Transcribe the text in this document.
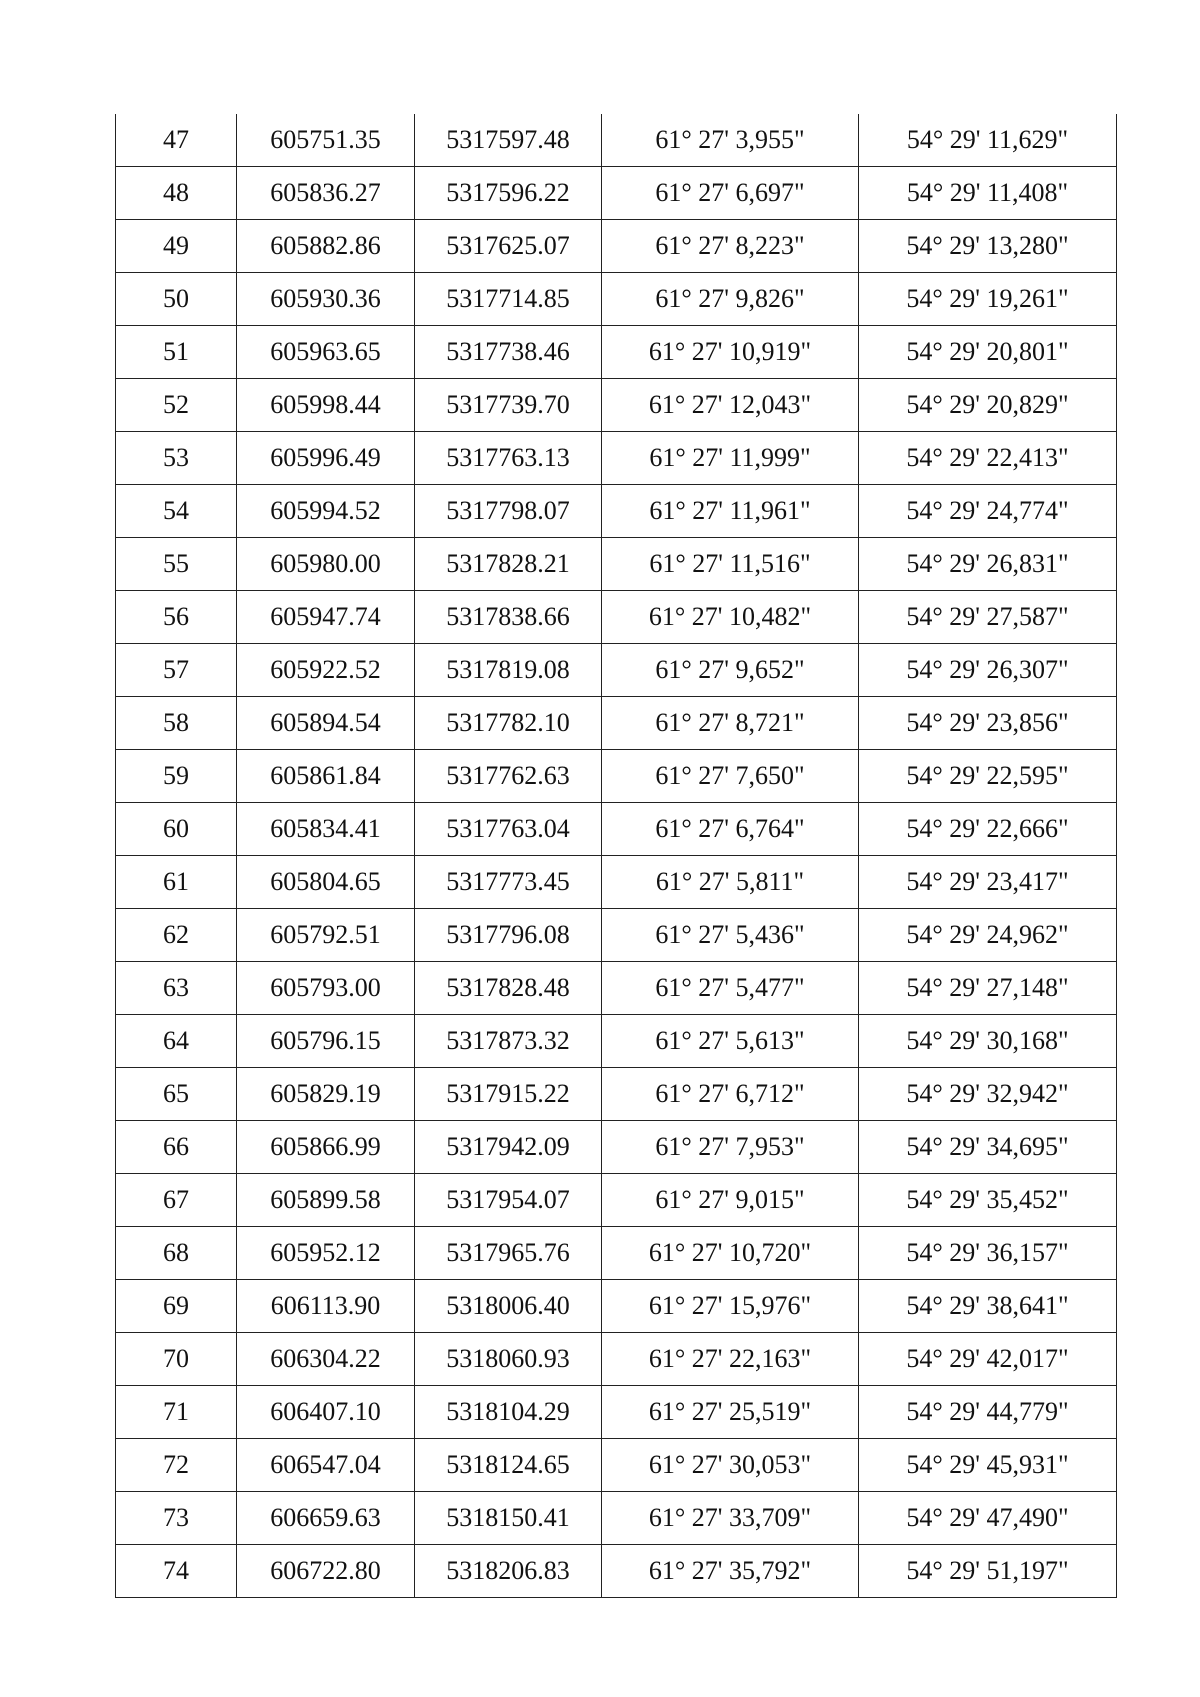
47	605751.35	5317597.48	61° 27' 3,955"	54° 29' 11,629"
48	605836.27	5317596.22	61° 27' 6,697"	54° 29' 11,408"
49	605882.86	5317625.07	61° 27' 8,223"	54° 29' 13,280"
50	605930.36	5317714.85	61° 27' 9,826"	54° 29' 19,261"
51	605963.65	5317738.46	61° 27' 10,919"	54° 29' 20,801"
52	605998.44	5317739.70	61° 27' 12,043"	54° 29' 20,829"
53	605996.49	5317763.13	61° 27' 11,999"	54° 29' 22,413"
54	605994.52	5317798.07	61° 27' 11,961"	54° 29' 24,774"
55	605980.00	5317828.21	61° 27' 11,516"	54° 29' 26,831"
56	605947.74	5317838.66	61° 27' 10,482"	54° 29' 27,587"
57	605922.52	5317819.08	61° 27' 9,652"	54° 29' 26,307"
58	605894.54	5317782.10	61° 27' 8,721"	54° 29' 23,856"
59	605861.84	5317762.63	61° 27' 7,650"	54° 29' 22,595"
60	605834.41	5317763.04	61° 27' 6,764"	54° 29' 22,666"
61	605804.65	5317773.45	61° 27' 5,811"	54° 29' 23,417"
62	605792.51	5317796.08	61° 27' 5,436"	54° 29' 24,962"
63	605793.00	5317828.48	61° 27' 5,477"	54° 29' 27,148"
64	605796.15	5317873.32	61° 27' 5,613"	54° 29' 30,168"
65	605829.19	5317915.22	61° 27' 6,712"	54° 29' 32,942"
66	605866.99	5317942.09	61° 27' 7,953"	54° 29' 34,695"
67	605899.58	5317954.07	61° 27' 9,015"	54° 29' 35,452"
68	605952.12	5317965.76	61° 27' 10,720"	54° 29' 36,157"
69	606113.90	5318006.40	61° 27' 15,976"	54° 29' 38,641"
70	606304.22	5318060.93	61° 27' 22,163"	54° 29' 42,017"
71	606407.10	5318104.29	61° 27' 25,519"	54° 29' 44,779"
72	606547.04	5318124.65	61° 27' 30,053"	54° 29' 45,931"
73	606659.63	5318150.41	61° 27' 33,709"	54° 29' 47,490"
74	606722.80	5318206.83	61° 27' 35,792"	54° 29' 51,197"
